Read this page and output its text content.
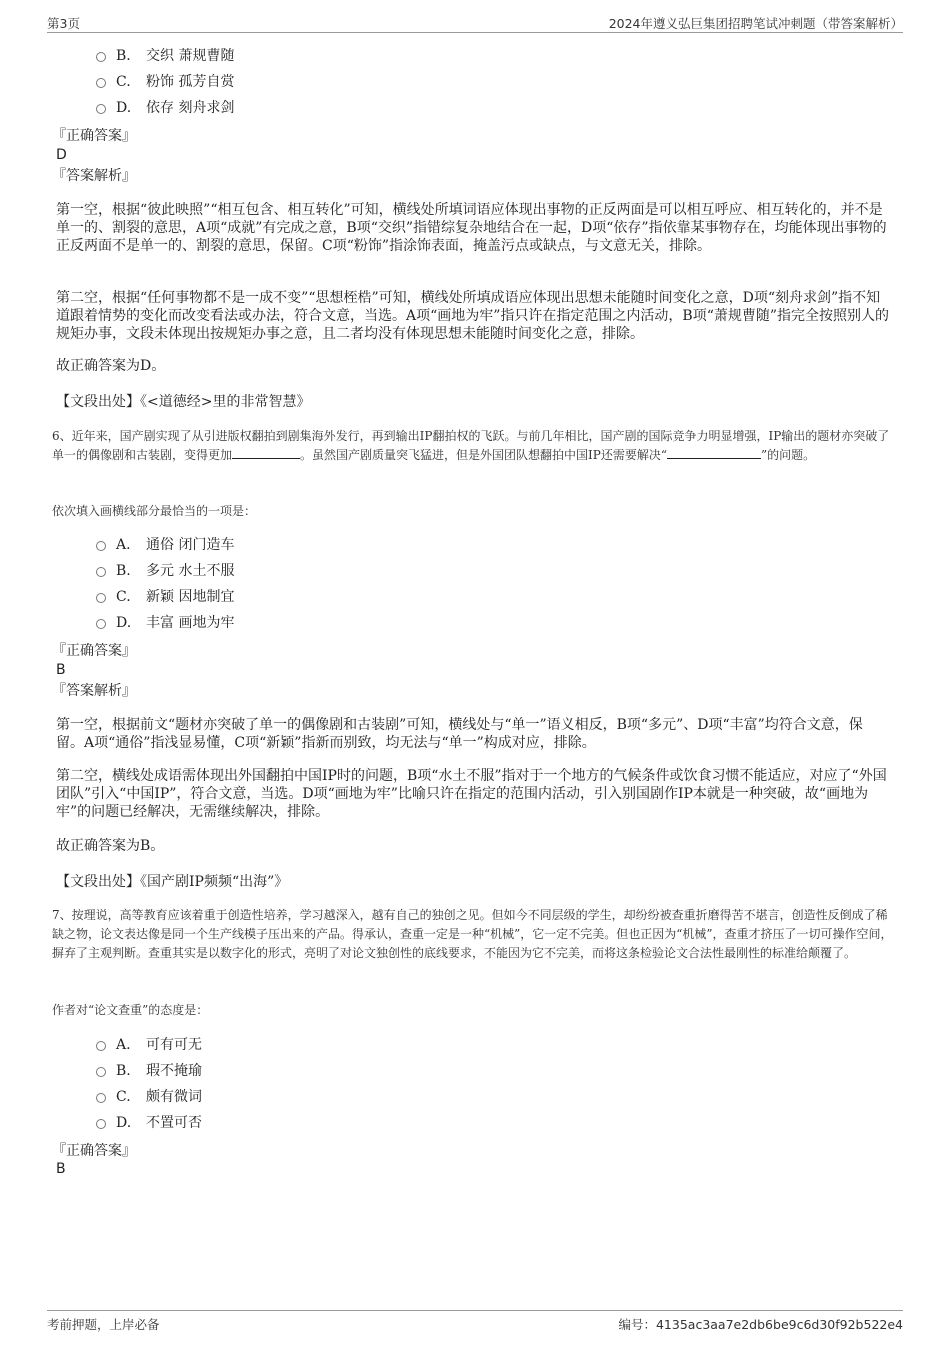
第3页	2024年遵义弘巨集团招聘笔试冲刺题（带答案解析）
B. 交织 萧规曹随
C. 粉饰 孤芳自赏
D. 依存 刻舟求剑
『正确答案』
D
『答案解析』
第一空，根据“彼此映照”“相互包含、相互转化”可知，横线处所填词语应体现出事物的正反两面是可以相互呼应、相互转化的，并不是单一的、割裂的意思，A项“成就”有完成之意，B项“交织”指错综复杂地结合在一起，D项“依存”指依靠某事物存在，均能体现出事物的正反两面不是单一的、割裂的意思，保留。C项“粉饰”指涂饰表面，掩盖污点或缺点，与文意无关，排除。
第二空，根据“任何事物都不是一成不变”“思想桎梏”可知，横线处所填成语应体现出思想未能随时间变化之意，D项“刻舟求剑”指不知道跟着情势的变化而改变看法或办法，符合文意，当选。A项“画地为牢”指只许在指定范围之内活动，B项“萧规曹随”指完全按照别人的规矩办事，文段未体现出按规矩办事之意，且二者均没有体现思想未能随时间变化之意，排除。
故正确答案为D。
【文段出处】《<道德经>里的非常智慧》
6、近年来，国产剧实现了从引进版权翻拍到剧集海外发行，再到输出IP翻拍权的飞跃。与前几年相比，国产剧的国际竞争力明显增强，IP输出的题材亦突破了单一的偶像剧和古装剧，变得更加	。虽然国产剧质量突飞猛进，但是外国团队想翻拍中国IP还需要解决“	”的问题。
依次填入画横线部分最恰当的一项是：
A. 通俗 闭门造车
B. 多元 水土不服
C. 新颖 因地制宜
D. 丰富 画地为牢
『正确答案』
B
『答案解析』
第一空，根据前文“题材亦突破了单一的偶像剧和古装剧”可知，横线处与“单一”语义相反，B项“多元”、D项“丰富”均符合文意，保留。A项“通俗”指浅显易懂，C项“新颖”指新而别致，均无法与“单一”构成对应，排除。
第二空，横线处成语需体现出外国翻拍中国IP时的问题，B项“水土不服”指对于一个地方的气候条件或饮食习惯不能适应，对应了“外国团队”引入“中国IP”，符合文意，当选。D项“画地为牢”比喻只许在指定的范围内活动，引入别国剧作IP本就是一种突破，故“画地为牢”的问题已经解决，无需继续解决，排除。
故正确答案为B。
【文段出处】《国产剧IP频频“出海”》
7、按理说，高等教育应该着重于创造性培养，学习越深入，越有自己的独创之见。但如今不同层级的学生，却纷纷被查重折磨得苦不堪言，创造性反倒成了稀缺之物，论文表达像是同一个生产线模子压出来的产品。得承认，查重一定是一种“机械”，它一定不完美。但也正因为“机械”，查重才挤压了一切可操作空间，摒弃了主观判断。查重其实是以数字化的形式，亮明了对论文独创性的底线要求，不能因为它不完美，而将这条检验论文合法性最刚性的标准给颠覆了。
作者对“论文查重”的态度是：
A. 可有可无
B. 瑕不掩瑜
C. 颇有微词
D. 不置可否
『正确答案』
B
考前押题，上岸必备	编号：4135ac3aa7e2db6be9c6d30f92b522e4
